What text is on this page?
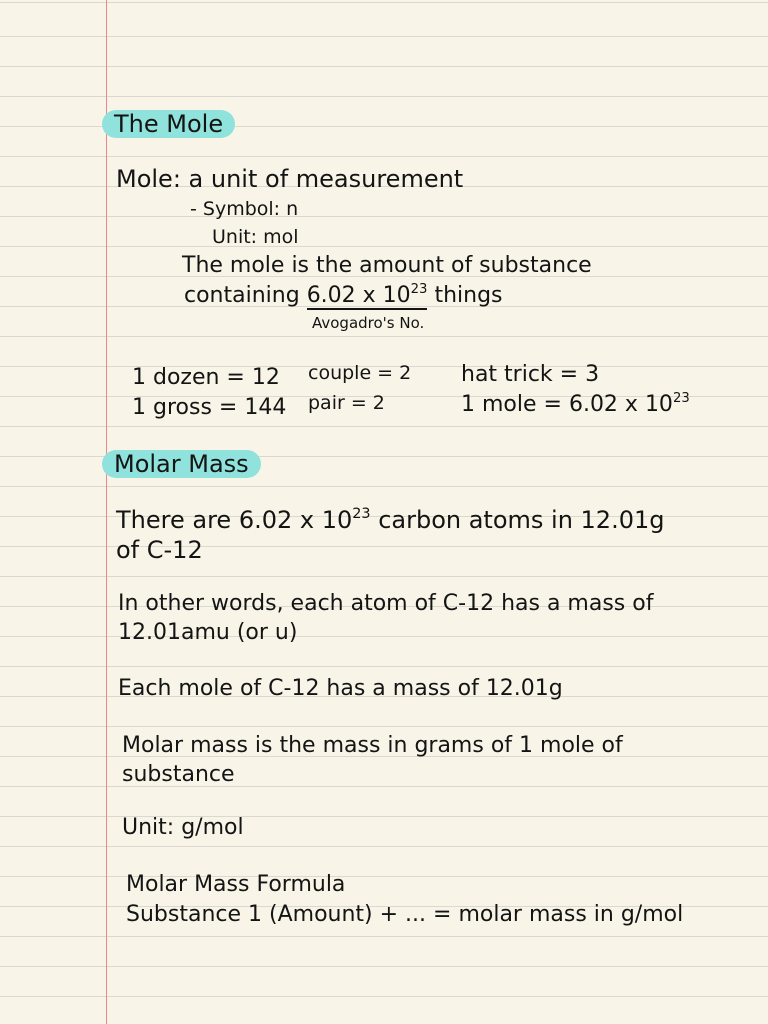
The Mole
Mole: a unit of measurement
- Symbol: n
Unit: mol
The mole is the amount of substance
containing 6.02 x $10^{23}$ things
Avogadro's No.
1 dozen = 12
1 gross = 144
couple = 2
pair = 2
hat trick = 3
1 mole = 6.02 x $10^{23}$
Molar Mass
There are 6.02 x $10^{23}$ carbon atoms in 12.01g
of C-12
In other words, each atom of C-12 has a mass of
12.01amu (or u)
Each mole of C-12 has a mass of 12.01g
Molar mass is the mass in grams of 1 mole of
substance
Unit: g/mol
Molar Mass Formula
Substance 1 (Amount) + ... = molar mass in g/mol
